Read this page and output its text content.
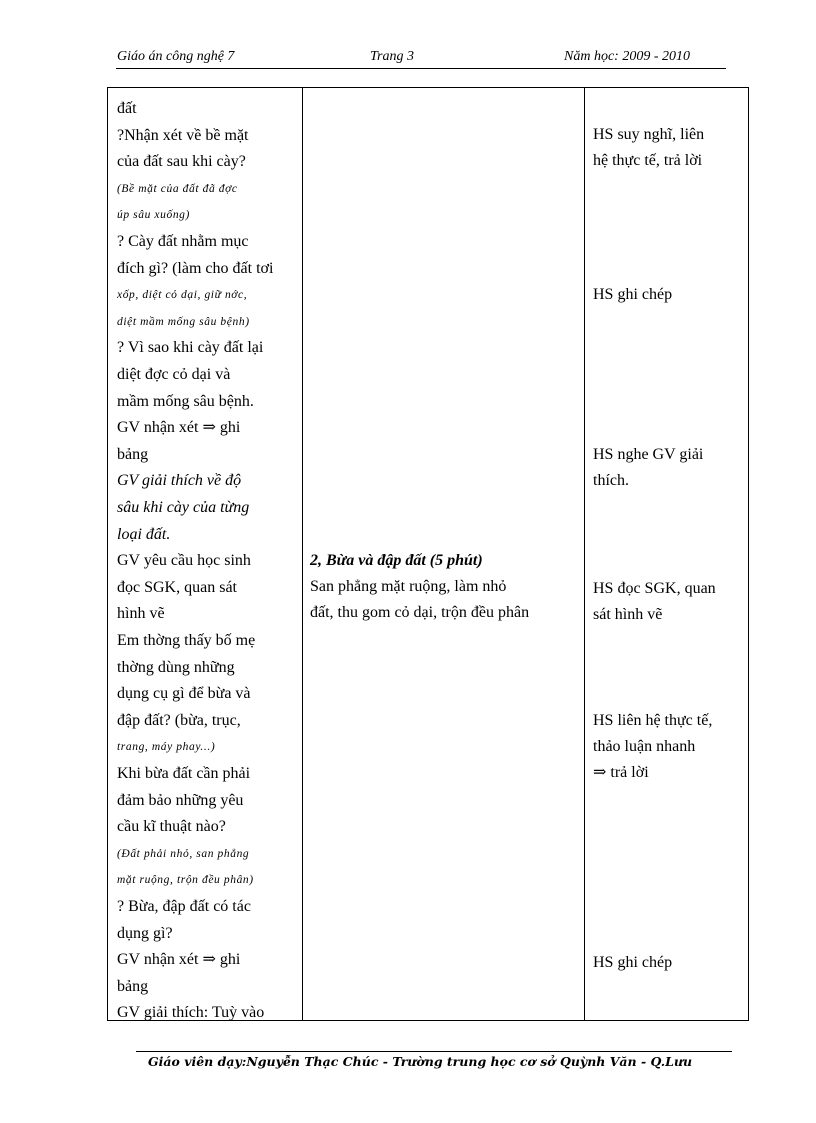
Giáo án công nghệ 7	Trang 3	Năm học: 2009 - 2010
đất
?Nhận xét về bề mặt
của đất sau khi cày?
(Bề mặt của đất đã đợc
úp sâu xuống)
? Cày đất nhằm mục
đích gì? (làm cho đất tơi
xốp, diệt cỏ dại, giữ nớc,
diệt mầm mống sâu bệnh)
? Vì sao khi cày đất lại
diệt đợc cỏ dại và
mầm mống sâu bệnh.
GV nhận xét ⇒ ghi
bảng
GV giải thích về độ
sâu khi cày của từng
loại đất.
GV yêu cầu học sinh
đọc SGK, quan sát
hình vẽ
Em thờng thấy bố mẹ
thờng dùng những
dụng cụ gì để bừa và
đập đất? (bừa, trục,
trang, máy phay...)
Khi bừa đất cần phải
đảm bảo những yêu
cầu kĩ thuật nào?
(Đất phải nhỏ, san phẳng
mặt ruộng, trộn đều phân)
? Bừa, đập đất có tác
dụng gì?
GV nhận xét ⇒ ghi
bảng
GV giải thích: Tuỳ vào
2, Bừa và đập đất (5 phút)
San phẳng mặt ruộng, làm nhỏ
đất, thu gom cỏ dại, trộn đều phân
HS suy nghĩ, liên
hệ thực tế, trả lời
HS ghi chép
HS nghe GV giải
thích.
HS đọc SGK, quan
sát hình vẽ
HS liên hệ thực tế,
thảo luận nhanh
⇒ trả lời
HS ghi chép
Giáo viên dạy:Nguyễn Thạc Chúc - Trường trung học cơ sở Quỳnh Văn - Q.Lưu
